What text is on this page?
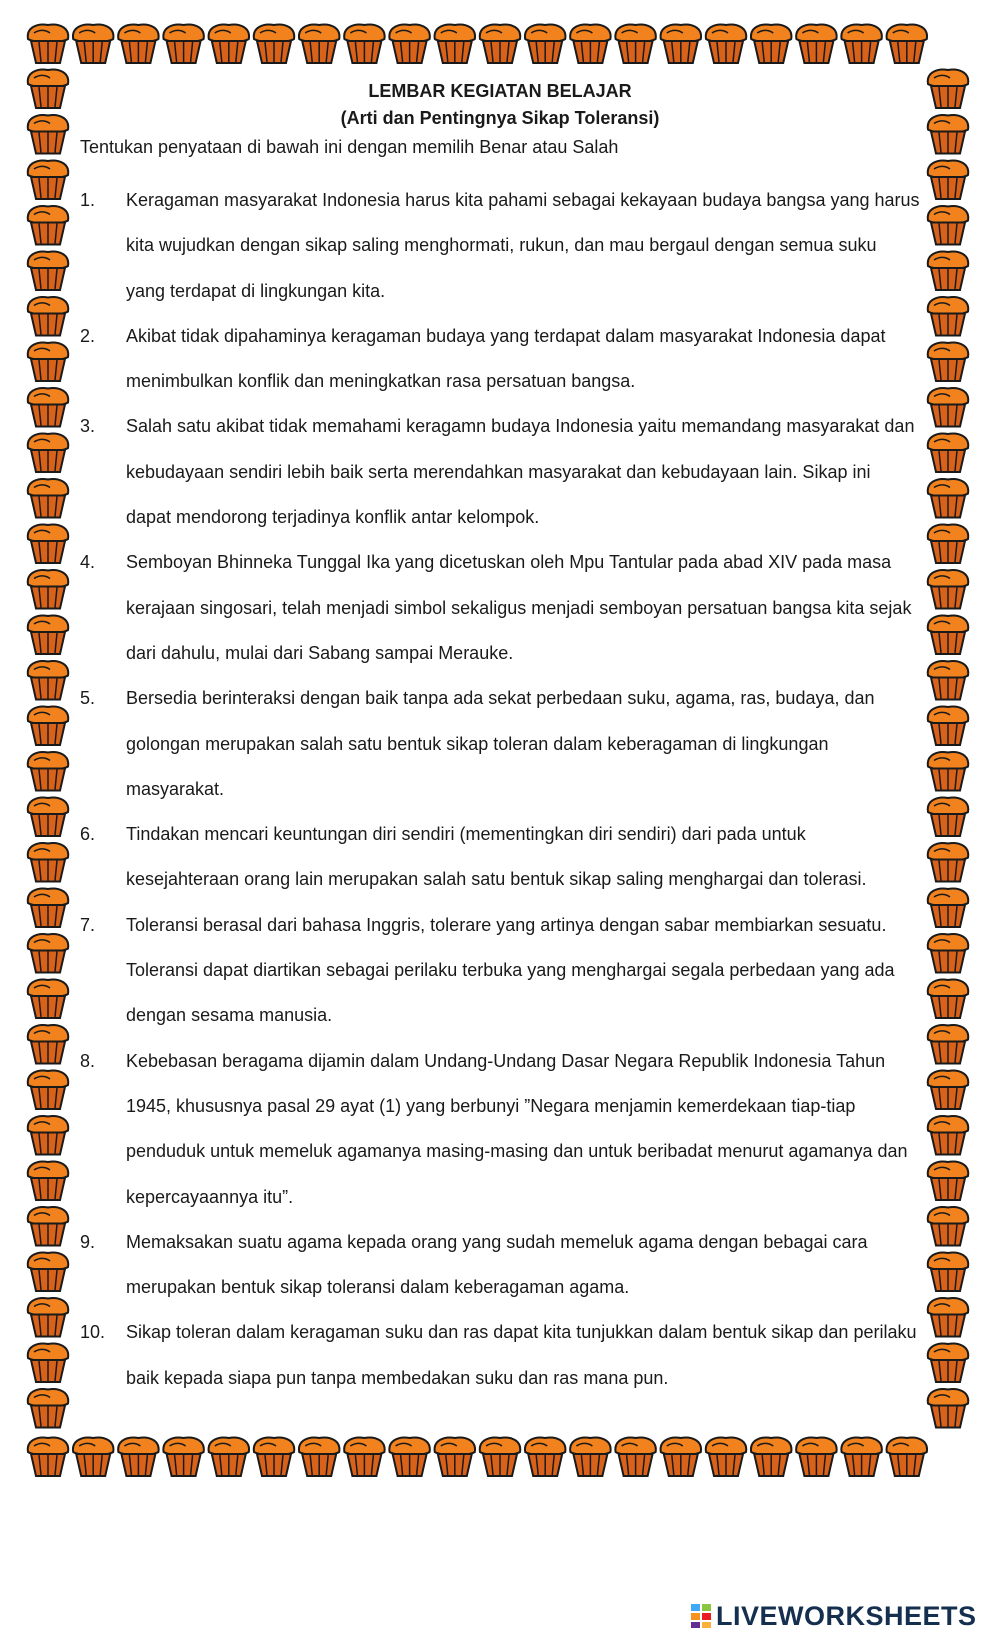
LEMBAR KEGIATAN BELAJAR
(Arti dan Pentingnya Sikap Toleransi)

Tentukan penyataan di bawah ini dengan memilih Benar atau Salah

1.	Keragaman masyarakat Indonesia harus kita pahami sebagai kekayaan budaya bangsa yang harus kita wujudkan dengan sikap saling menghormati, rukun, dan mau bergaul dengan semua suku yang terdapat di lingkungan kita.
2.	Akibat tidak dipahaminya keragaman budaya yang terdapat dalam masyarakat Indonesia dapat menimbulkan konflik dan meningkatkan rasa persatuan bangsa.
3.	Salah satu akibat tidak memahami keragamn budaya Indonesia yaitu memandang masyarakat dan kebudayaan sendiri lebih baik serta merendahkan masyarakat dan kebudayaan lain. Sikap ini dapat mendorong terjadinya konflik antar kelompok.
4.	Semboyan Bhinneka Tunggal Ika yang dicetuskan oleh Mpu Tantular pada abad XIV pada masa kerajaan singosari, telah menjadi simbol sekaligus menjadi semboyan persatuan bangsa kita sejak dari dahulu, mulai dari Sabang sampai Merauke.
5.	Bersedia berinteraksi dengan baik tanpa ada sekat perbedaan suku, agama, ras, budaya, dan golongan merupakan salah satu bentuk sikap toleran dalam keberagaman di lingkungan masyarakat.
6.	Tindakan mencari keuntungan diri sendiri (mementingkan diri sendiri) dari pada untuk kesejahteraan orang lain merupakan salah satu bentuk sikap saling menghargai dan tolerasi.
7.	Toleransi berasal dari bahasa Inggris, tolerare yang artinya dengan sabar membiarkan sesuatu. Toleransi dapat diartikan sebagai perilaku terbuka yang menghargai segala perbedaan yang ada dengan sesama manusia.
8.	Kebebasan beragama dijamin dalam Undang-Undang Dasar Negara Republik Indonesia Tahun 1945, khususnya pasal 29 ayat (1) yang berbunyi ”Negara menjamin kemerdekaan tiap-tiap penduduk untuk memeluk agamanya masing-masing dan untuk beribadat menurut agamanya dan kepercayaannya itu”.
9.	Memaksakan suatu agama kepada orang yang sudah memeluk agama dengan bebagai cara merupakan bentuk sikap toleransi dalam keberagaman agama.
10.	Sikap toleran dalam keragaman suku dan ras dapat kita tunjukkan dalam bentuk sikap dan perilaku baik kepada siapa pun tanpa membedakan suku dan ras mana pun.
LIVEWORKSHEETS
